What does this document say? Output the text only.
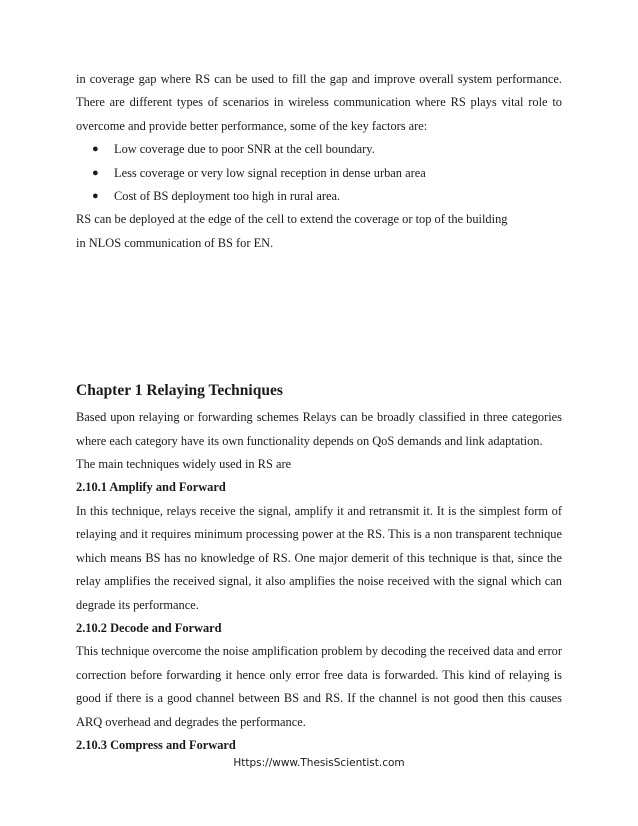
in coverage gap where RS can be used to fill the gap and improve overall system performance. There are different types of scenarios in wireless communication where RS plays vital role to overcome and provide better performance, some of the key factors are:

● Low coverage due to poor SNR at the cell boundary.
● Less coverage or very low signal reception in dense urban area
● Cost of BS deployment too high in rural area.

RS can be deployed at the edge of the cell to extend the coverage or top of the building
in NLOS communication of BS for EN.

Chapter 1 Relaying Techniques

Based upon relaying or forwarding schemes Relays can be broadly classified in three categories where each category have its own functionality depends on QoS demands and link adaptation.

The main techniques widely used in RS are

2.10.1 Amplify and Forward

In this technique, relays receive the signal, amplify it and retransmit it. It is the simplest form of relaying and it requires minimum processing power at the RS. This is a non transparent technique which means BS has no knowledge of RS. One major demerit of this technique is that, since the relay amplifies the received signal, it also amplifies the noise received with the signal which can degrade its performance.

2.10.2 Decode and Forward

This technique overcome the noise amplification problem by decoding the received data and error correction before forwarding it hence only error free data is forwarded. This kind of relaying is good if there is a good channel between BS and RS. If the channel is not good then this causes ARQ overhead and degrades the performance.

2.10.3 Compress and Forward
Https://www.ThesisScientist.com
